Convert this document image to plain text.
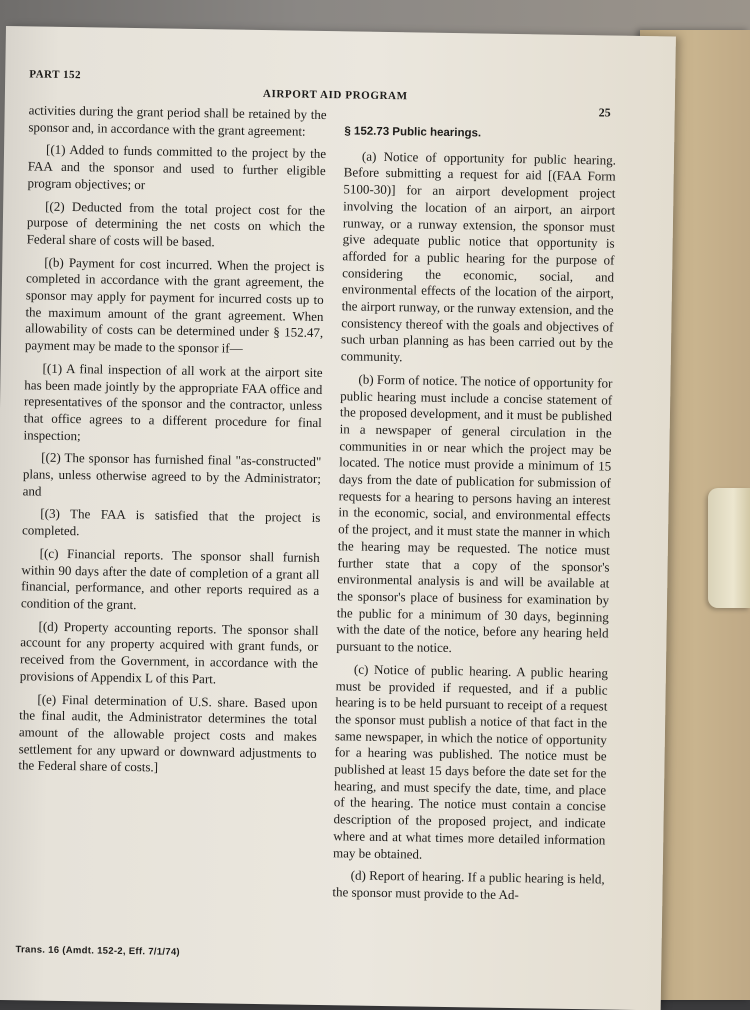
PART 152
AIRPORT AID PROGRAM
25

activities during the grant period shall be retained by the sponsor and, in accordance with the grant agreement:

[(1) Added to funds committed to the project by the FAA and the sponsor and used to further eligible program objectives; or

[(2) Deducted from the total project cost for the purpose of determining the net costs on which the Federal share of costs will be based.

[(b) Payment for cost incurred. When the project is completed in accordance with the grant agreement, the sponsor may apply for payment for incurred costs up to the maximum amount of the grant agreement. When allowability of costs can be determined under § 152.47, payment may be made to the sponsor if—

[(1) A final inspection of all work at the airport site has been made jointly by the appropriate FAA office and representatives of the sponsor and the contractor, unless that office agrees to a different procedure for final inspection;

[(2) The sponsor has furnished final "as-constructed" plans, unless otherwise agreed to by the Administrator; and

[(3) The FAA is satisfied that the project is completed.

[(c) Financial reports. The sponsor shall furnish within 90 days after the date of completion of a grant all financial, performance, and other reports required as a condition of the grant.

[(d) Property accounting reports. The sponsor shall account for any property acquired with grant funds, or received from the Government, in accordance with the provisions of Appendix L of this Part.

[(e) Final determination of U.S. share. Based upon the final audit, the Administrator determines the total amount of the allowable project costs and makes settlement for any upward or downward adjustments to the Federal share of costs.]

§ 152.73 Public hearings.

(a) Notice of opportunity for public hearing. Before submitting a request for aid [(FAA Form 5100-30)] for an airport development project involving the location of an airport, an airport runway, or a runway extension, the sponsor must give adequate public notice that opportunity is afforded for a public hearing for the purpose of considering the economic, social, and environmental effects of the location of the airport, the airport runway, or the runway extension, and the consistency thereof with the goals and objectives of such urban planning as has been carried out by the community.

(b) Form of notice. The notice of opportunity for public hearing must include a concise statement of the proposed development, and it must be published in a newspaper of general circulation in the communities in or near which the project may be located. The notice must provide a minimum of 15 days from the date of publication for submission of requests for a hearing to persons having an interest in the economic, social, and environmental effects of the project, and it must state the manner in which the hearing may be requested. The notice must further state that a copy of the sponsor's environmental analysis is and will be available at the sponsor's place of business for examination by the public for a minimum of 30 days, beginning with the date of the notice, before any hearing held pursuant to the notice.

(c) Notice of public hearing. A public hearing must be provided if requested, and if a public hearing is to be held pursuant to receipt of a request the sponsor must publish a notice of that fact in the same newspaper, in which the notice of opportunity for a hearing was published. The notice must be published at least 15 days before the date set for the hearing, and must specify the date, time, and place of the hearing. The notice must contain a concise description of the proposed project, and indicate where and at what times more detailed information may be obtained.

(d) Report of hearing. If a public hearing is held, the sponsor must provide to the Ad-

Trans. 16 (Amdt. 152-2, Eff. 7/1/74)
